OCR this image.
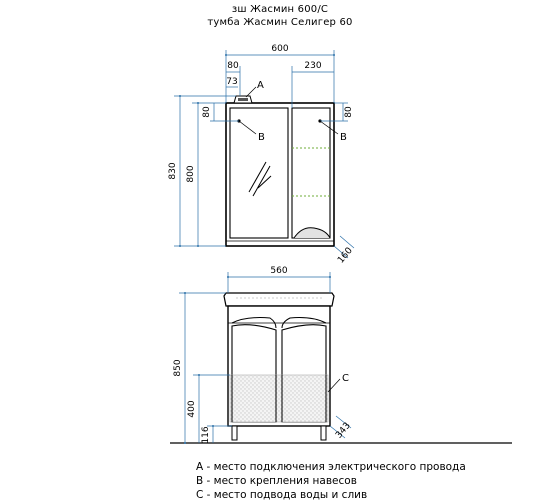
зш Жасмин 600/С
тумба Жасмин Селигер 60
600
80
73
230
830 800
80	80
160
A
B	B
560
850
400
116	343
C
A - место подключения электрического провода
В - место крепления навесов
С - место подвода воды и слив
